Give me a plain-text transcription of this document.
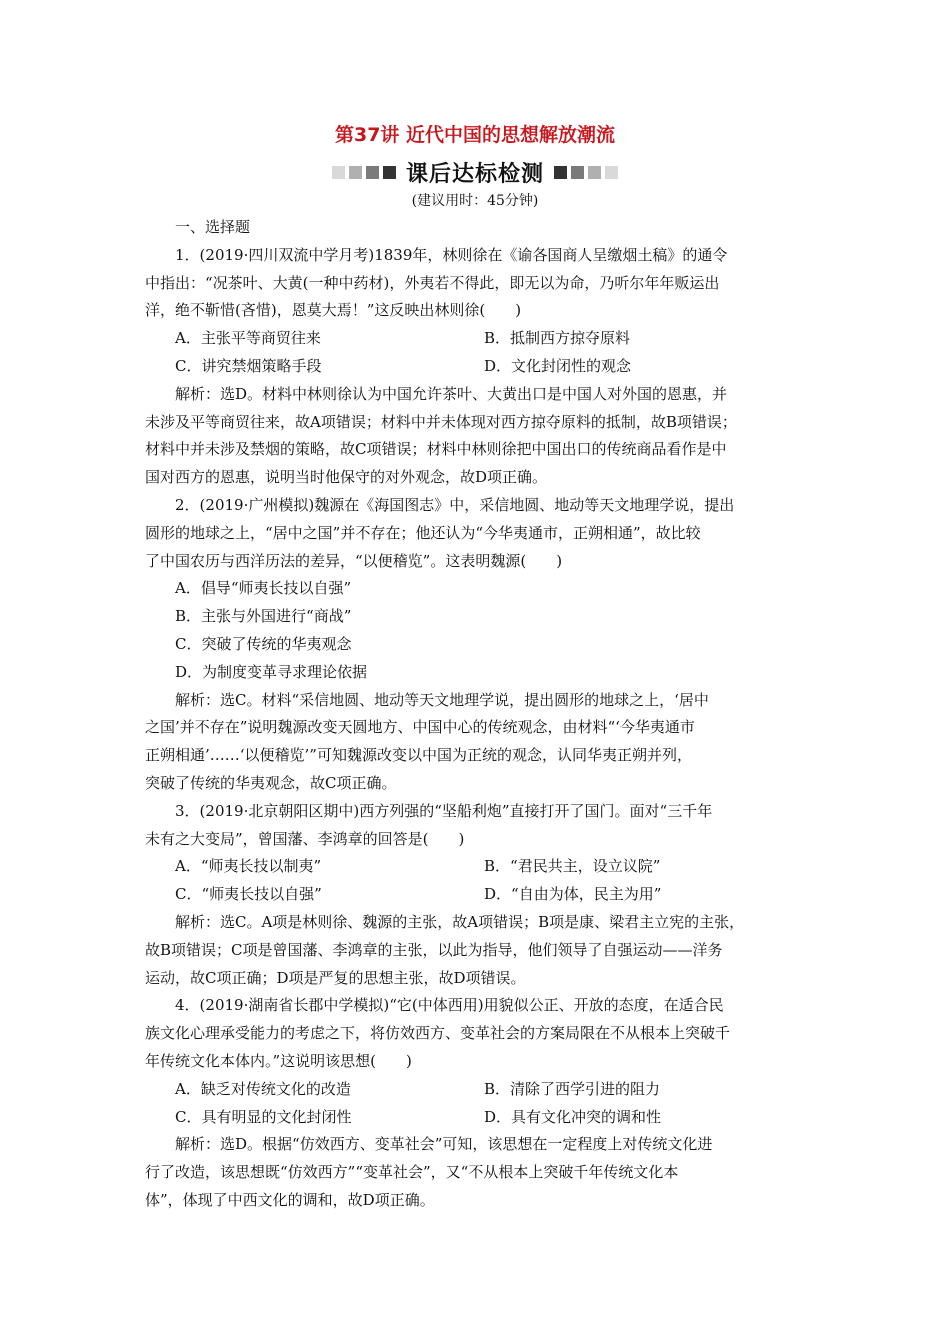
第37讲 近代中国的思想解放潮流
课后达标检测
(建议用时：45分钟)
一、选择题
1．(2019·四川双流中学月考)1839年，林则徐在《谕各国商人呈缴烟土稿》的通令
中指出：“况茶叶、大黄(一种中药材)，外夷若不得此，即无以为命，乃听尔年年贩运出
洋，绝不靳惜(吝惜)，恩莫大焉！”这反映出林则徐(　　)
A．主张平等商贸往来	B．抵制西方掠夺原料
C．讲究禁烟策略手段	D．文化封闭性的观念
解析：选D。材料中林则徐认为中国允许茶叶、大黄出口是中国人对外国的恩惠，并
未涉及平等商贸往来，故A项错误；材料中并未体现对西方掠夺原料的抵制，故B项错误；
材料中并未涉及禁烟的策略，故C项错误；材料中林则徐把中国出口的传统商品看作是中
国对西方的恩惠，说明当时他保守的对外观念，故D项正确。
2．(2019·广州模拟)魏源在《海国图志》中，采信地圆、地动等天文地理学说，提出
圆形的地球之上，“居中之国”并不存在；他还认为“今华夷通市，正朔相通”，故比较
了中国农历与西洋历法的差异，“以便稽览”。这表明魏源(　　)
A．倡导“师夷长技以自强”
B．主张与外国进行“商战”
C．突破了传统的华夷观念
D．为制度变革寻求理论依据
解析：选C。材料“采信地圆、地动等天文地理学说，提出圆形的地球之上，‘居中
之国’并不存在”说明魏源改变天圆地方、中国中心的传统观念，由材料“‘今华夷通市
正朔相通’……‘以便稽览’”可知魏源改变以中国为正统的观念，认同华夷正朔并列，
突破了传统的华夷观念，故C项正确。
3．(2019·北京朝阳区期中)西方列强的“坚船利炮”直接打开了国门。面对“三千年
未有之大变局”，曾国藩、李鸿章的回答是(　　)
A．“师夷长技以制夷”	B．“君民共主，设立议院”
C．“师夷长技以自强”	D．“自由为体，民主为用”
解析：选C。A项是林则徐、魏源的主张，故A项错误；B项是康、梁君主立宪的主张，
故B项错误；C项是曾国藩、李鸿章的主张，以此为指导，他们领导了自强运动——洋务
运动，故C项正确；D项是严复的思想主张，故D项错误。
4．(2019·湖南省长郡中学模拟)“它(中体西用)用貌似公正、开放的态度，在适合民
族文化心理承受能力的考虑之下，将仿效西方、变革社会的方案局限在不从根本上突破千
年传统文化本体内。”这说明该思想(　　)
A．缺乏对传统文化的改造	B．清除了西学引进的阻力
C．具有明显的文化封闭性	D．具有文化冲突的调和性
解析：选D。根据“仿效西方、变革社会”可知，该思想在一定程度上对传统文化进
行了改造，该思想既“仿效西方”“变革社会”，又“不从根本上突破千年传统文化本
体”，体现了中西文化的调和，故D项正确。
